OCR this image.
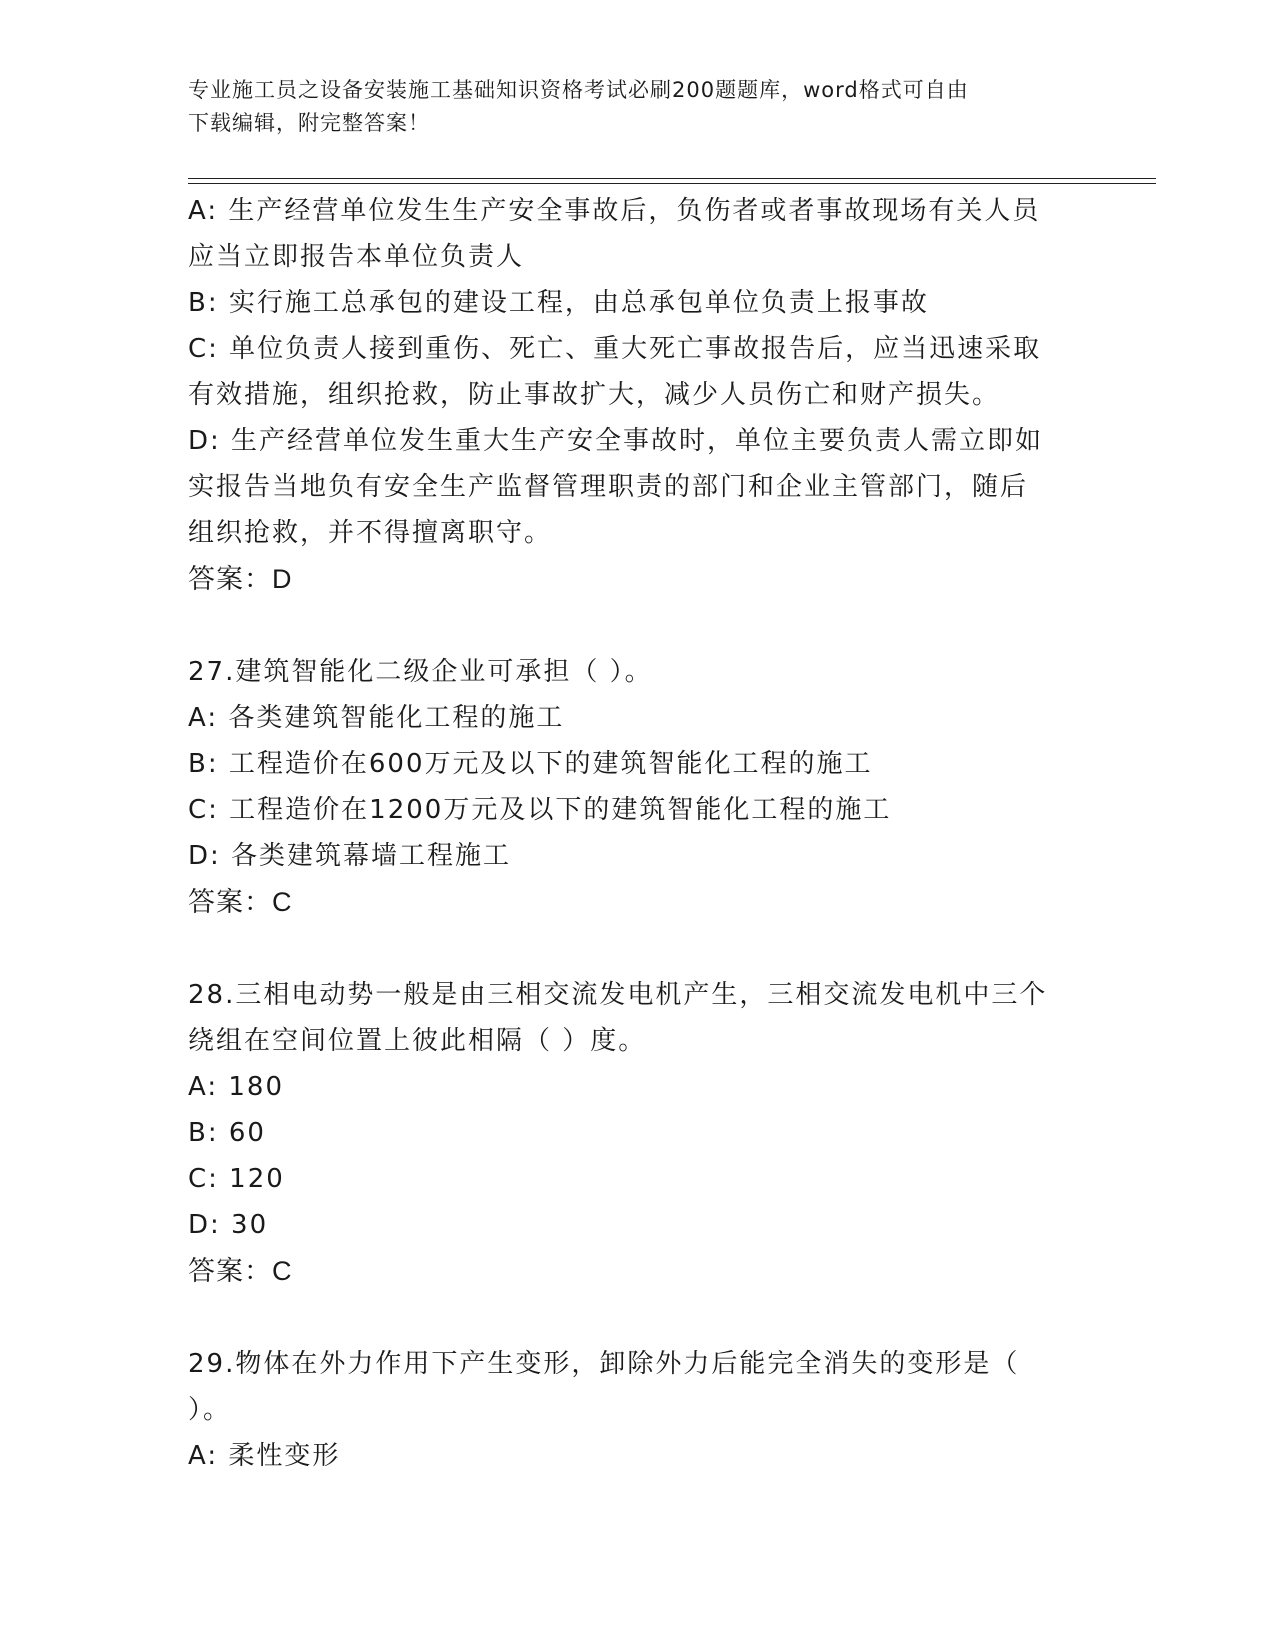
专业施工员之设备安装施工基础知识资格考试必刷200题题库，word格式可自由
下载编辑，附完整答案！
A: 生产经营单位发生生产安全事故后，负伤者或者事故现场有关人员
应当立即报告本单位负责人
B: 实行施工总承包的建设工程，由总承包单位负责上报事故
C: 单位负责人接到重伤、死亡、重大死亡事故报告后，应当迅速采取
有效措施，组织抢救，防止事故扩大，减少人员伤亡和财产损失。
D: 生产经营单位发生重大生产安全事故时，单位主要负责人需立即如
实报告当地负有安全生产监督管理职责的部门和企业主管部门，随后
组织抢救，并不得擅离职守。
答案：D
27.建筑智能化二级企业可承担（ ）。
A: 各类建筑智能化工程的施工
B: 工程造价在600万元及以下的建筑智能化工程的施工
C: 工程造价在1200万元及以下的建筑智能化工程的施工
D: 各类建筑幕墙工程施工
答案：C
28.三相电动势一般是由三相交流发电机产生，三相交流发电机中三个
绕组在空间位置上彼此相隔（ ）度。
A: 180
B: 60
C: 120
D: 30
答案：C
29.物体在外力作用下产生变形，卸除外力后能完全消失的变形是（
）。
A: 柔性变形
